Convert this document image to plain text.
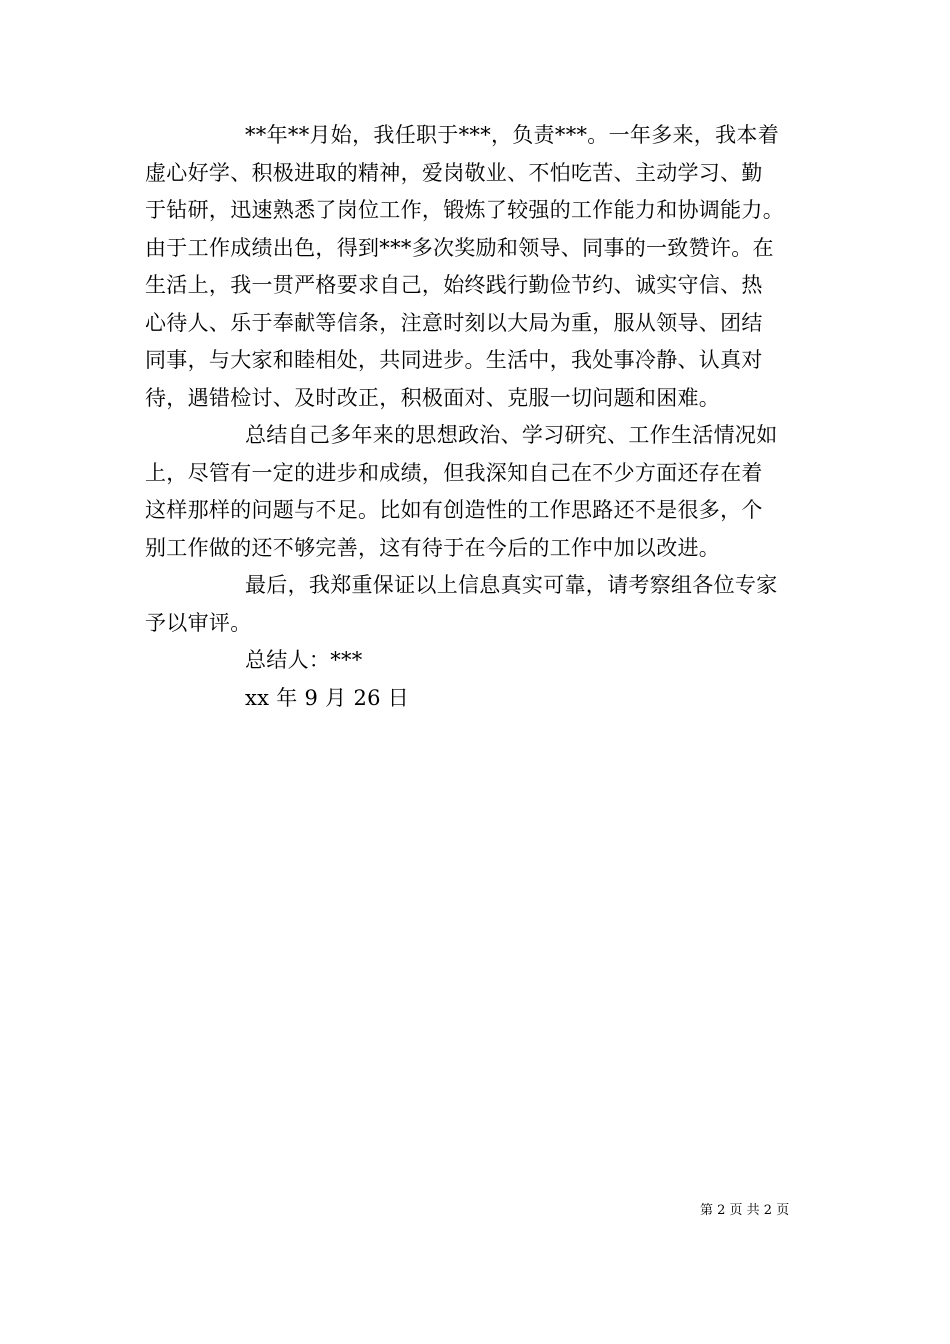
**年**月始，我任职于***，负责***。一年多来，我本着
虚心好学、积极进取的精神，爱岗敬业、不怕吃苦、主动学习、勤
于钻研，迅速熟悉了岗位工作，锻炼了较强的工作能力和协调能力。
由于工作成绩出色，得到***多次奖励和领导、同事的一致赞许。在
生活上，我一贯严格要求自己，始终践行勤俭节约、诚实守信、热
心待人、乐于奉献等信条，注意时刻以大局为重，服从领导、团结
同事，与大家和睦相处，共同进步。生活中，我处事冷静、认真对
待，遇错检讨、及时改正，积极面对、克服一切问题和困难。
总结自己多年来的思想政治、学习研究、工作生活情况如
上，尽管有一定的进步和成绩，但我深知自己在不少方面还存在着
这样那样的问题与不足。比如有创造性的工作思路还不是很多，个
别工作做的还不够完善，这有待于在今后的工作中加以改进。
最后，我郑重保证以上信息真实可靠，请考察组各位专家
予以审评。
总结人：***
xx 年 9 月 26 日
第 2 页 共 2 页
